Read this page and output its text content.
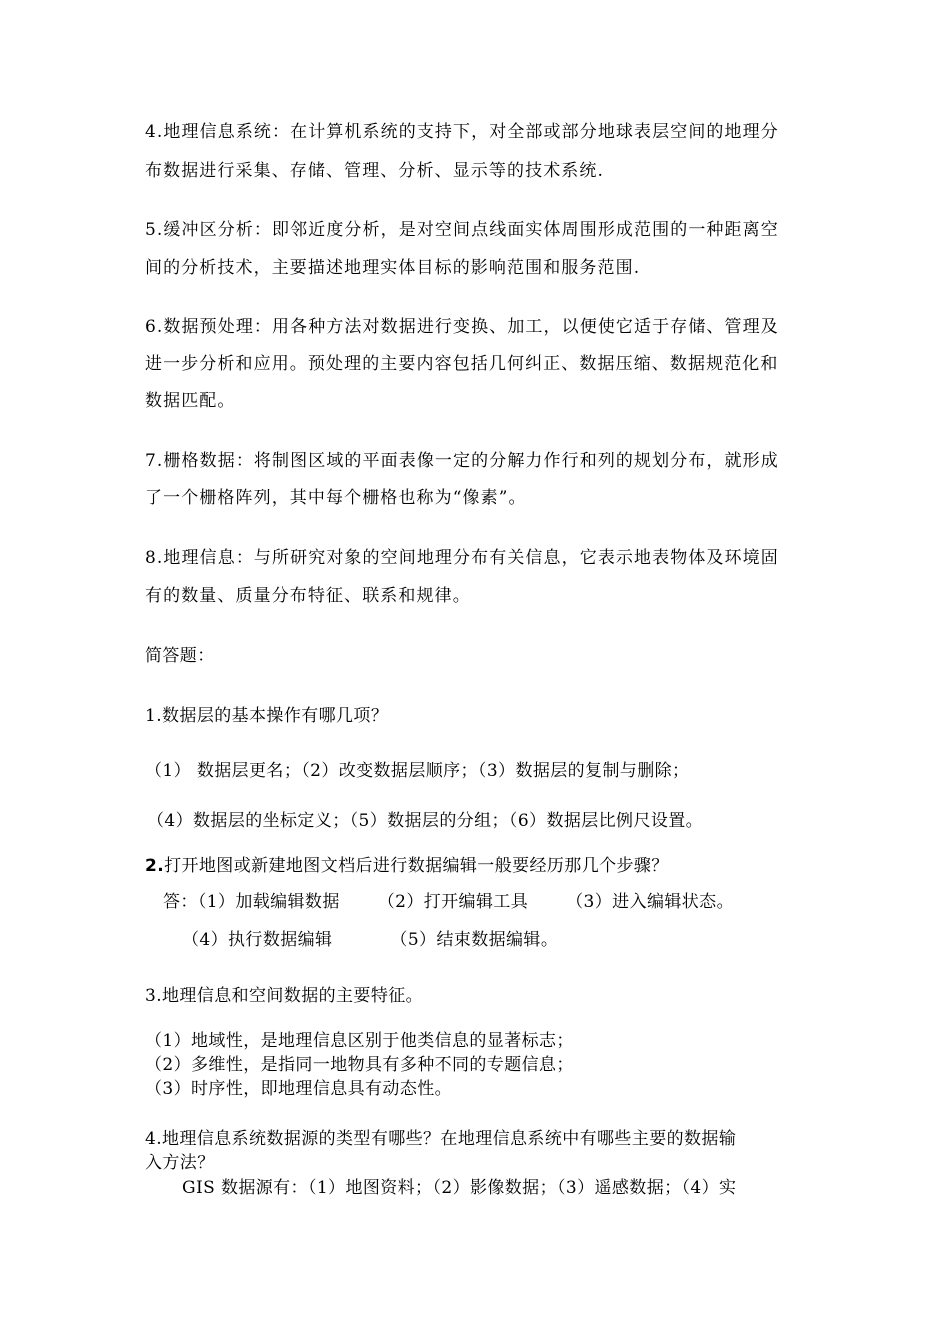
4.地理信息系统：在计算机系统的支持下，对全部或部分地球表层空间的地理分
布数据进行采集、存储、管理、分析、显示等的技术系统.
5.缓冲区分析：即邻近度分析，是对空间点线面实体周围形成范围的一种距离空
间的分析技术，主要描述地理实体目标的影响范围和服务范围.
6.数据预处理：用各种方法对数据进行变换、加工，以便使它适于存储、管理及
进一步分析和应用。预处理的主要内容包括几何纠正、数据压缩、数据规范化和
数据匹配。
7.栅格数据：将制图区域的平面表像一定的分解力作行和列的规划分布，就形成
了一个栅格阵列，其中每个栅格也称为“像素”。
8.地理信息：与所研究对象的空间地理分布有关信息，它表示地表物体及环境固
有的数量、质量分布特征、联系和规律。
简答题：
1.数据层的基本操作有哪几项？
（1） 数据层更名；（2）改变数据层顺序；（3）数据层的复制与删除；
（4）数据层的坐标定义；（5）数据层的分组；（6）数据层比例尺设置。
2.打开地图或新建地图文档后进行数据编辑一般要经历那几个步骤？
答：（1）加载编辑数据 （2）打开编辑工具 （3）进入编辑状态。
（4）执行数据编辑	（5）结束数据编辑。
3.地理信息和空间数据的主要特征。
（1）地域性，是地理信息区别于他类信息的显著标志；
（2）多维性，是指同一地物具有多种不同的专题信息；
（3）时序性，即地理信息具有动态性。
4.地理信息系统数据源的类型有哪些？在地理信息系统中有哪些主要的数据输
入方法？
GIS 数据源有：（1）地图资料；（2）影像数据；（3）遥感数据；（4）实
